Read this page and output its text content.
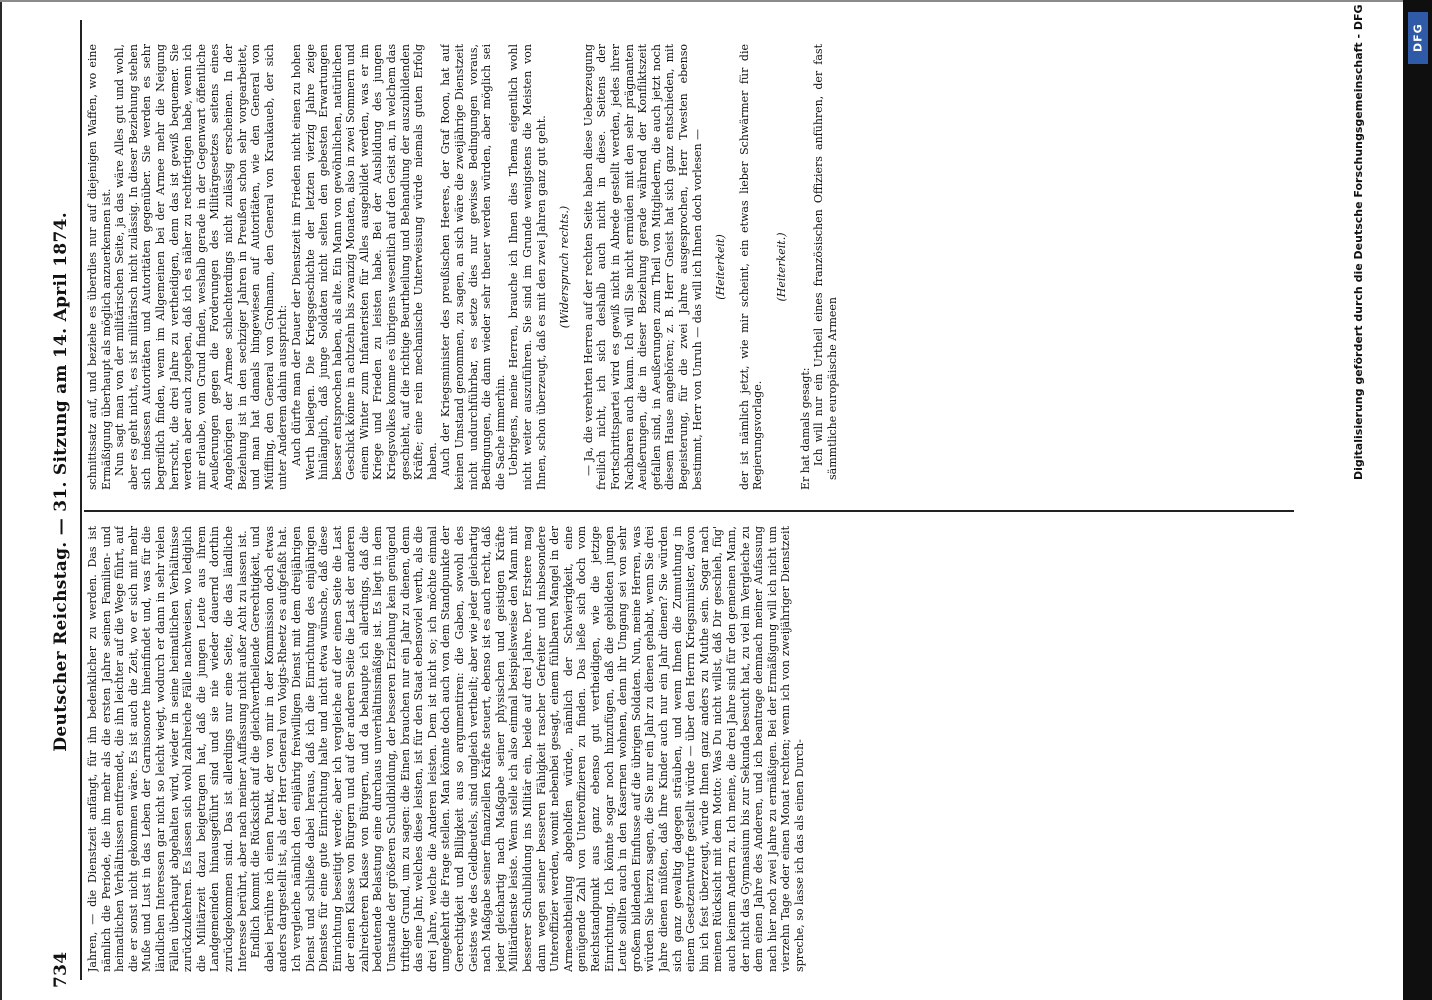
DFG
734
Deutscher Reichstag. — 31. Sitzung am 14. April 1874.

Jahren, — die Dienstzeit anfängt, für ihn bedenklicher zu werden. Das ist nämlich die Periode, die ihn mehr als die ersten Jahre seinen Familien- und heimatlichen Verhältnissen entfremdet, die ihn leichter auf die Wege führt, auf die er sonst nicht gekommen wäre. Es ist auch die Zeit, wo er sich mit mehr Muße und Lust in das Leben der Garnisonorte hineinfindet und, was für die ländlichen Interessen gar nicht so leicht wiegt, wodurch er dann in sehr vielen Fällen überhaupt abgehalten wird, wieder in seine heimatlichen Verhältnisse zurückzukehren. Es lassen sich wohl zahlreiche Fälle nachweisen, wo lediglich die Militärzeit dazu beigetragen hat, daß die jungen Leute aus ihrem Landgemeinden hinausgeführt sind und sie nie wieder dauernd dorthin zurückgekommen sind. Das ist allerdings nur eine Seite, die das ländliche Interesse berührt, aber nach meiner Auffassung nicht außer Acht zu lassen ist. Endlich kommt die Rücksicht auf die gleichvertheilende Gerechtigkeit, und dabei berühre ich einen Punkt, der von mir in der Kommission doch etwas anders dargestellt ist, als der Herr General von Voigts-Rheetz es aufgefaßt hat. Ich vergleiche nämlich den einjährig freiwilligen Dienst mit dem dreijährigen Dienst und schließe dabei heraus, daß ich die Einrichtung des einjährigen Dienstes für eine gute Einrichtung halte und nicht etwa wünsche, daß diese Einrichtung beseitigt werde; aber ich vergleiche auf der einen Seite die Last der einen Klasse von Bürgern und auf der anderen Seite die Last der anderen zahlreicheren Klasse von Bürgern, und da behaupte ich allerdings, daß die bedeutende Belastung eine durchaus unverhältnismäßige ist. Es liegt in dem Umstande der größeren Schuldbildung, der besseren Erziehung kein genügend triftiger Grund, um zu sagen: die Einen brauchen nur ein Jahr zu dienen, denn das eine Jahr, welches diese leisten, ist für den Staat ebensoviel werth, als die drei Jahre, welche die Anderen leisten. Dem ist nicht so; ich möchte einmal umgekehrt die Frage stellen. Man könnte doch auch von dem Standpunkte der Gerechtigkeit und Billigkeit aus so argumentiren: die Gaben, sowohl des Geistes wie des Geldbeutels, sind ungleich vertheilt; aber wie jeder gleichartig nach Maßgabe seiner finanziellen Kräfte steuert, ebenso ist es auch recht, daß jeder gleichartig nach Maßgabe seiner physischen und geistigen Kräfte Militärdienste leiste. Wenn stelle ich also einmal beispielsweise den Mann mit besserer Schulbildung ins Militär ein, beide auf drei Jahre. Der Erstere mag dann wegen seiner besseren Fähigkeit rascher Gefreiter und insbesondere Unteroffizier werden, womit nebenbei gesagt, einem fühlbaren Mangel in der Armeeabtheilung abgeholfen würde, nämlich der Schwierigkeit, eine genügende Zahl von Unteroffizieren zu finden. Das ließe sich doch vom Reichstandpunkt aus ganz ebenso gut vertheidigen, wie die jetzige Einrichtung. Ich könnte sogar noch hinzufügen, daß die gebildeten jungen Leute sollten auch in den Kasernen wohnen, denn ihr Umgang sei von sehr großem bildenden Einflusse auf die übrigen Soldaten. Nun, meine Herren, was würden Sie hierzu sagen, die Sie nur ein Jahr zu dienen gehabt, wenn Sie drei Jahre dienen müßten, daß Ihre Kinder auch nur ein Jahr dienen? Sie würden sich ganz gewaltig dagegen sträuben, und wenn Ihnen die Zumuthung in einem Gesetzentwurfe gestellt würde — über den Herrn Kriegsminister, davon bin ich fest überzeugt, würde Ihnen ganz anders zu Muthe sein. Sogar nach meinen Rücksicht mit dem Motto: Was Du nicht willst, daß Dir geschieh, füg' auch keinem Andern zu. Ich meine, die drei Jahre sind für den gemeinen Mann, der nicht das Gymnasium bis zur Sekunda besucht hat, zu viel im Vergleiche zu dem einen Jahre des Anderen, und ich beantrage demnach meiner Aufassung nach hier noch zwei Jahre zu ermäßigen. Bei der Ermäßigung will ich nicht um vierzehn Tage oder einen Monat rechten; wenn ich von zweijähriger Dienstzeit spreche, so lasse ich das als einen Durch-

schnittssatz auf, und beziehe es überdies nur auf diejenigen Waffen, wo eine Ermäßigung überhaupt als möglich anzuerkennen ist. Nun sagt man von der militärischen Seite, ja das wäre Alles gut und wohl, aber es geht nicht, es ist militärisch nicht zulässig. In dieser Beziehung stehen sich indessen Autoritäten und Autoritäten gegenüber. Sie werden es sehr begreiflich finden, wenn im Allgemeinen bei der Armee mehr die Neigung herrscht, die drei Jahre zu vertheidigen, denn das ist gewiß bequemer. Sie werden aber auch zugeben, daß ich es näher zu rechtfertigen habe, wenn ich mir erlaube, vom Grund finden, weshalb gerade in der Gegenwart öffentliche Aeußerungen gegen die Forderungen des Militärgesetzes seitens eines Angehörigen der Armee schlechterdings nicht zulässig erscheinen. In der Beziehung ist in den sechziger Jahren in Preußen schon sehr vorgearbeitet, und man hat damals hingewiesen auf Autoritäten, wie den General von Müffling, den General von Grolmann, den General von Kraukaueb, der sich unter Anderem dahin ausspricht: Auch dürfte man der Dauer der Dienstzeit im Frieden nicht einen zu hohen Werth beilegen. Die Kriegsgeschichte der letzten vierzig Jahre zeige hinlänglich, daß junge Soldaten nicht selten den gebesten Erwartungen besser entsprochen haben, als alte. Ein Mann von gewöhnlichen, natürlichen Geschick könne in achtzehn bis zwanzig Monaten, also in zwei Sommern und einem Winter zum Infanteristen für Alles ausgebildet werden, was er im Kriege und Frieden zu leisten habe. Bei der Ausbildung des jungen Kriegsvolkes komme es übrigens wesentlich auf den Geist an, in welchem das geschieht, auf die richtige Beurtheilung und Behandlung der auszubildenden Kräfte; eine rein mechanische Unterweisung würde niemals guten Erfolg haben. Auch der Kriegsminister des preußischen Heeres, der Graf Roon, hat auf keinen Umstand genommen, zu sagen, an sich wäre die zweijährige Dienstzeit nicht undurchführbar, es setze dies nur gewisse Bedingungen voraus, Bedingungen, die dann wieder sehr theuer werden würden, aber möglich sei die Sache immerhin. Uebrigens, meine Herren, brauche ich Ihnen dies Thema eigentlich wohl nicht weiter auszuführen. Sie sind im Grunde wenigstens die Meisten von Ihnen, schon überzeugt, daß es mit den zwei Jahren ganz gut geht. (Widerspruch rechts.) — Ja, die verehrten Herren auf der rechten Seite haben diese Ueberzeugung freilich nicht, ich sich deshalb auch nicht in diese. Seitens der Fortschrittspartei wird es gewiß nicht in Abrede gestellt werden, jedes ihrer Nachbaren auch kaum. Ich will Sie nicht ermüden mit den sehr prägnanten Aeußerungen, die in dieser Beziehung gerade während der Konfliktszeit gefallen sind, in Aeußerungen zum Theil von Mitgliedern, die auch jetzt noch diesem Hause angehören; z. B. Herr Gneist hat sich ganz entschieden, mit Begeisterung, für die zwei Jahre ausgesprochen, Herr Twesten ebenso bestimmt, Herr von Unruh — das will ich Ihnen doch vorlesen — (Heiterkeit) der ist nämlich jetzt, wie mir scheint, ein etwas lieber Schwärmer für die Regierungsvorlage.

(Heiterkeit.)

Er hat damals gesagt: Ich will nur ein Urtheil eines französischen Offiziers anführen, der fast sämmtliche europäische Armeen	Digitalisierung gefördert durch die Deutsche Forschungsgemeinschaft - DFG
